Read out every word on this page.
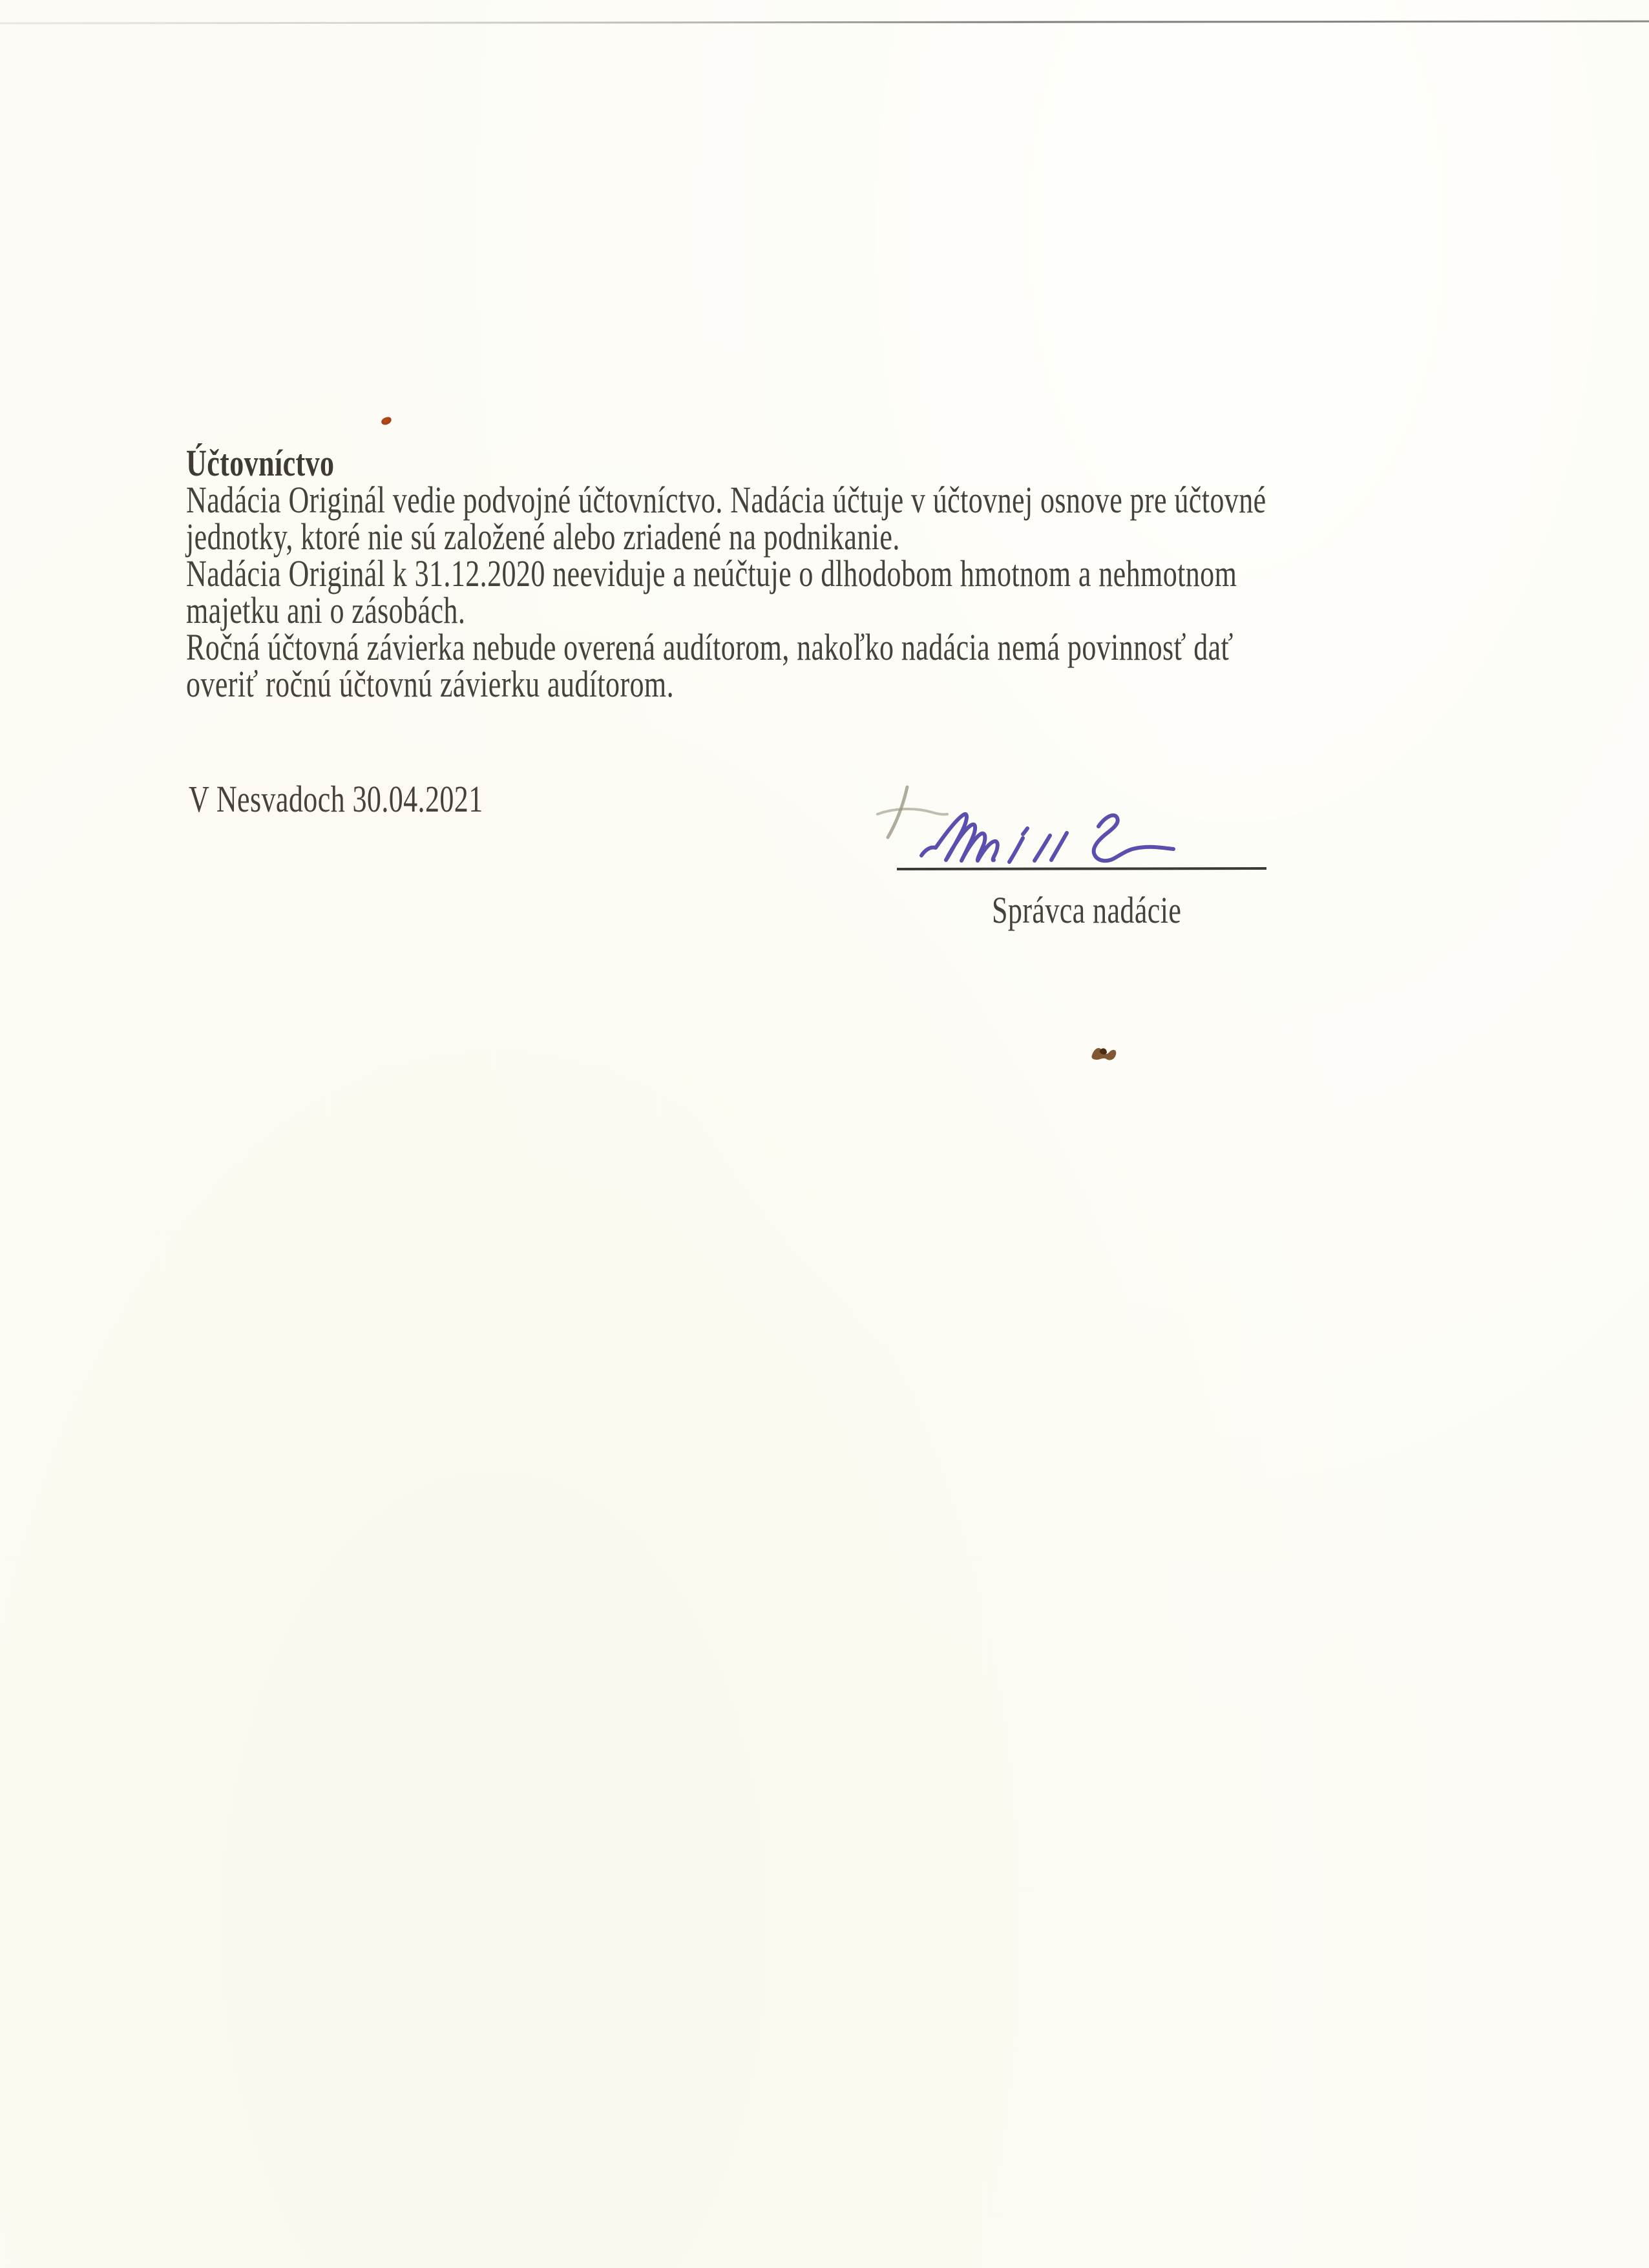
Účtovníctvo
Nadácia Originál vedie podvojné účtovníctvo. Nadácia účtuje v účtovnej osnove pre účtovné
jednotky, ktoré nie sú založené alebo zriadené na podnikanie.
Nadácia Originál k 31.12.2020 neeviduje a neúčtuje o dlhodobom hmotnom a nehmotnom
majetku ani o zásobách.
Ročná účtovná závierka nebude overená audítorom, nakoľko nadácia nemá povinnosť dať
overiť ročnú účtovnú závierku audítorom.
V Nesvadoch 30.04.2021
Správca nadácie
